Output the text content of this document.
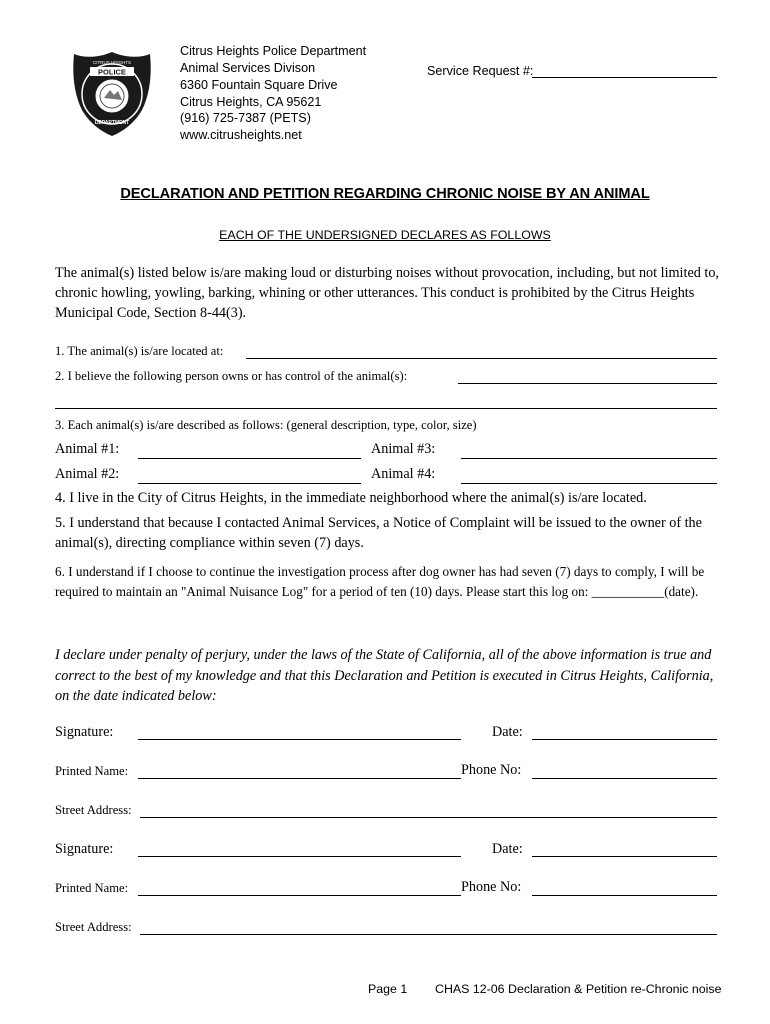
POLICE
CITRUS HEIGHTS
DEPARTMENT
Citrus Heights Police Department
Animal Services Divison
6360 Fountain Square Drive
Citrus Heights, CA 95621
(916) 725-7387 (PETS)
www.citrusheights.net
Service Request #:
DECLARATION AND PETITION REGARDING CHRONIC NOISE BY AN ANIMAL
EACH OF THE UNDERSIGNED DECLARES AS FOLLOWS
The animal(s) listed below is/are making loud or disturbing noises without provocation, including, but not limited to, chronic howling, yowling, barking, whining or other utterances. This conduct is prohibited by the Citrus Heights Municipal Code, Section 8-44(3).
1. The animal(s) is/are located at:
2. I believe the following person owns or has control of the animal(s):
3. Each animal(s) is/are described as follows: (general description, type, color, size)
Animal #1:	Animal #3:
Animal #2:	Animal #4:
4. I live in the City of Citrus Heights, in the immediate neighborhood where the animal(s) is/are located.
5. I understand that because I contacted Animal Services, a Notice of Complaint will be issued to the owner of the animal(s), directing compliance within seven (7) days.
6. I understand if I choose to continue the investigation process after dog owner has had seven (7) days to comply, I will be required to maintain an "Animal Nuisance Log" for a period of ten (10) days. Please start this log on: ___________(date).
I declare under penalty of perjury, under the laws of the State of California, all of the above information is true and correct to the best of my knowledge and that this Declaration and Petition is executed in Citrus Heights, California, on the date indicated below:
Signature:	Date:
Printed Name:	Phone No:
Street Address:
Signature:	Date:
Printed Name:	Phone No:
Street Address:
Page 1 CHAS 12-06 Declaration & Petition re-Chronic noise
